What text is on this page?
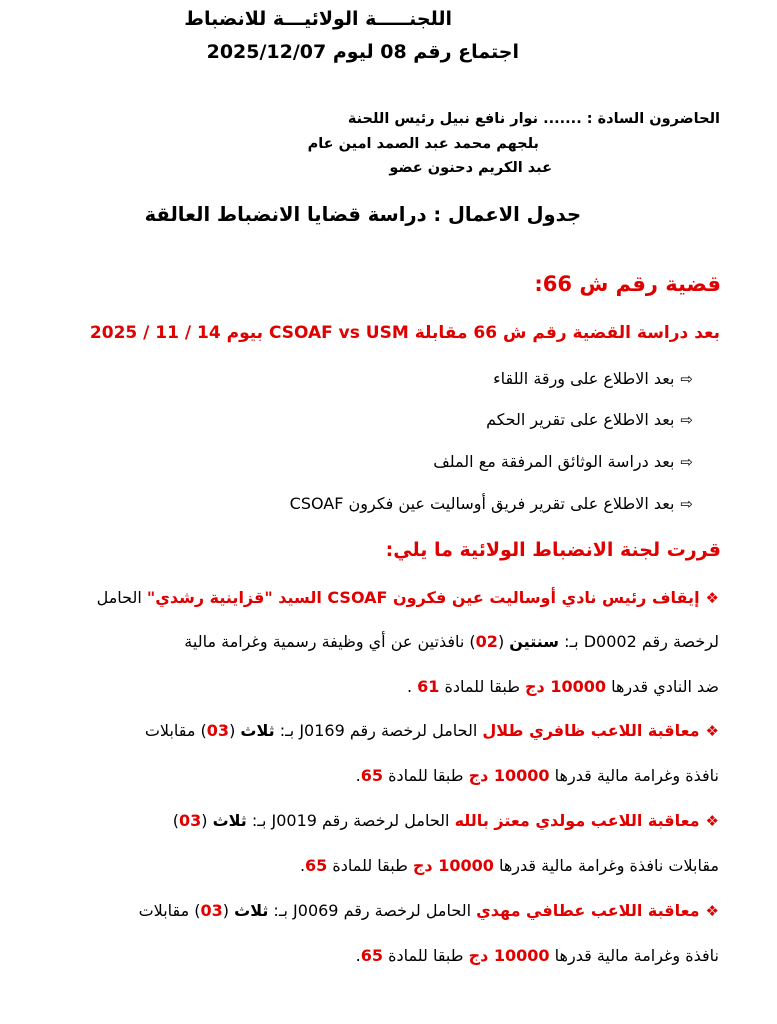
اللجنـــــة الولائيـــة للانضباط
اجتماع رقم 08 ليوم 2025/12/07
الحاضرون السادة : ....... نوار نافع نبيل رئيس اللحنة
بلجهم محمد عبد الصمد امين عام
عبد الكريم دحنون عضو
جدول الاعمال : دراسة قضايا الانضباط العالقة
قضية رقم ش 66:
بعد دراسة القضية رقم ش 66 مقابلة CSOAF vs USM بيوم 14 / 11 / 2025
⇨بعد الاطلاع على ورقة اللقاء
⇨بعد الاطلاع على تقرير الحكم
⇨بعد دراسة الوثائق المرفقة مع الملف
⇨بعد الاطلاع على تقرير فريق أوساليت عين فكرون CSOAF
قررت لجنة الانضباط الولائية ما يلي:
❖إيقاف رئيس نادي أوساليت عين فكرون CSOAF السيد "قزاينية رشدي" الحامل
لرخصة رقم D0002 بـ: سنتين (02) نافذتين عن أي وظيفة رسمية وغرامة مالية
ضد النادي قدرها 10000 دج طبقا للمادة 61 .
❖معاقبة اللاعب ظافري طلال الحامل لرخصة رقم J0169 بـ: ثلاث (03) مقابلات
نافذة وغرامة مالية قدرها 10000 دج طبقا للمادة 65.
❖معاقبة اللاعب مولدي معتز بالله الحامل لرخصة رقم J0019 بـ: ثلاث (03)
مقابلات نافذة وغرامة مالية قدرها 10000 دج طبقا للمادة 65.
❖معاقبة اللاعب عطافي مهدي الحامل لرخصة رقم J0069 بـ: ثلاث (03) مقابلات
نافذة وغرامة مالية قدرها 10000 دج طبقا للمادة 65.
